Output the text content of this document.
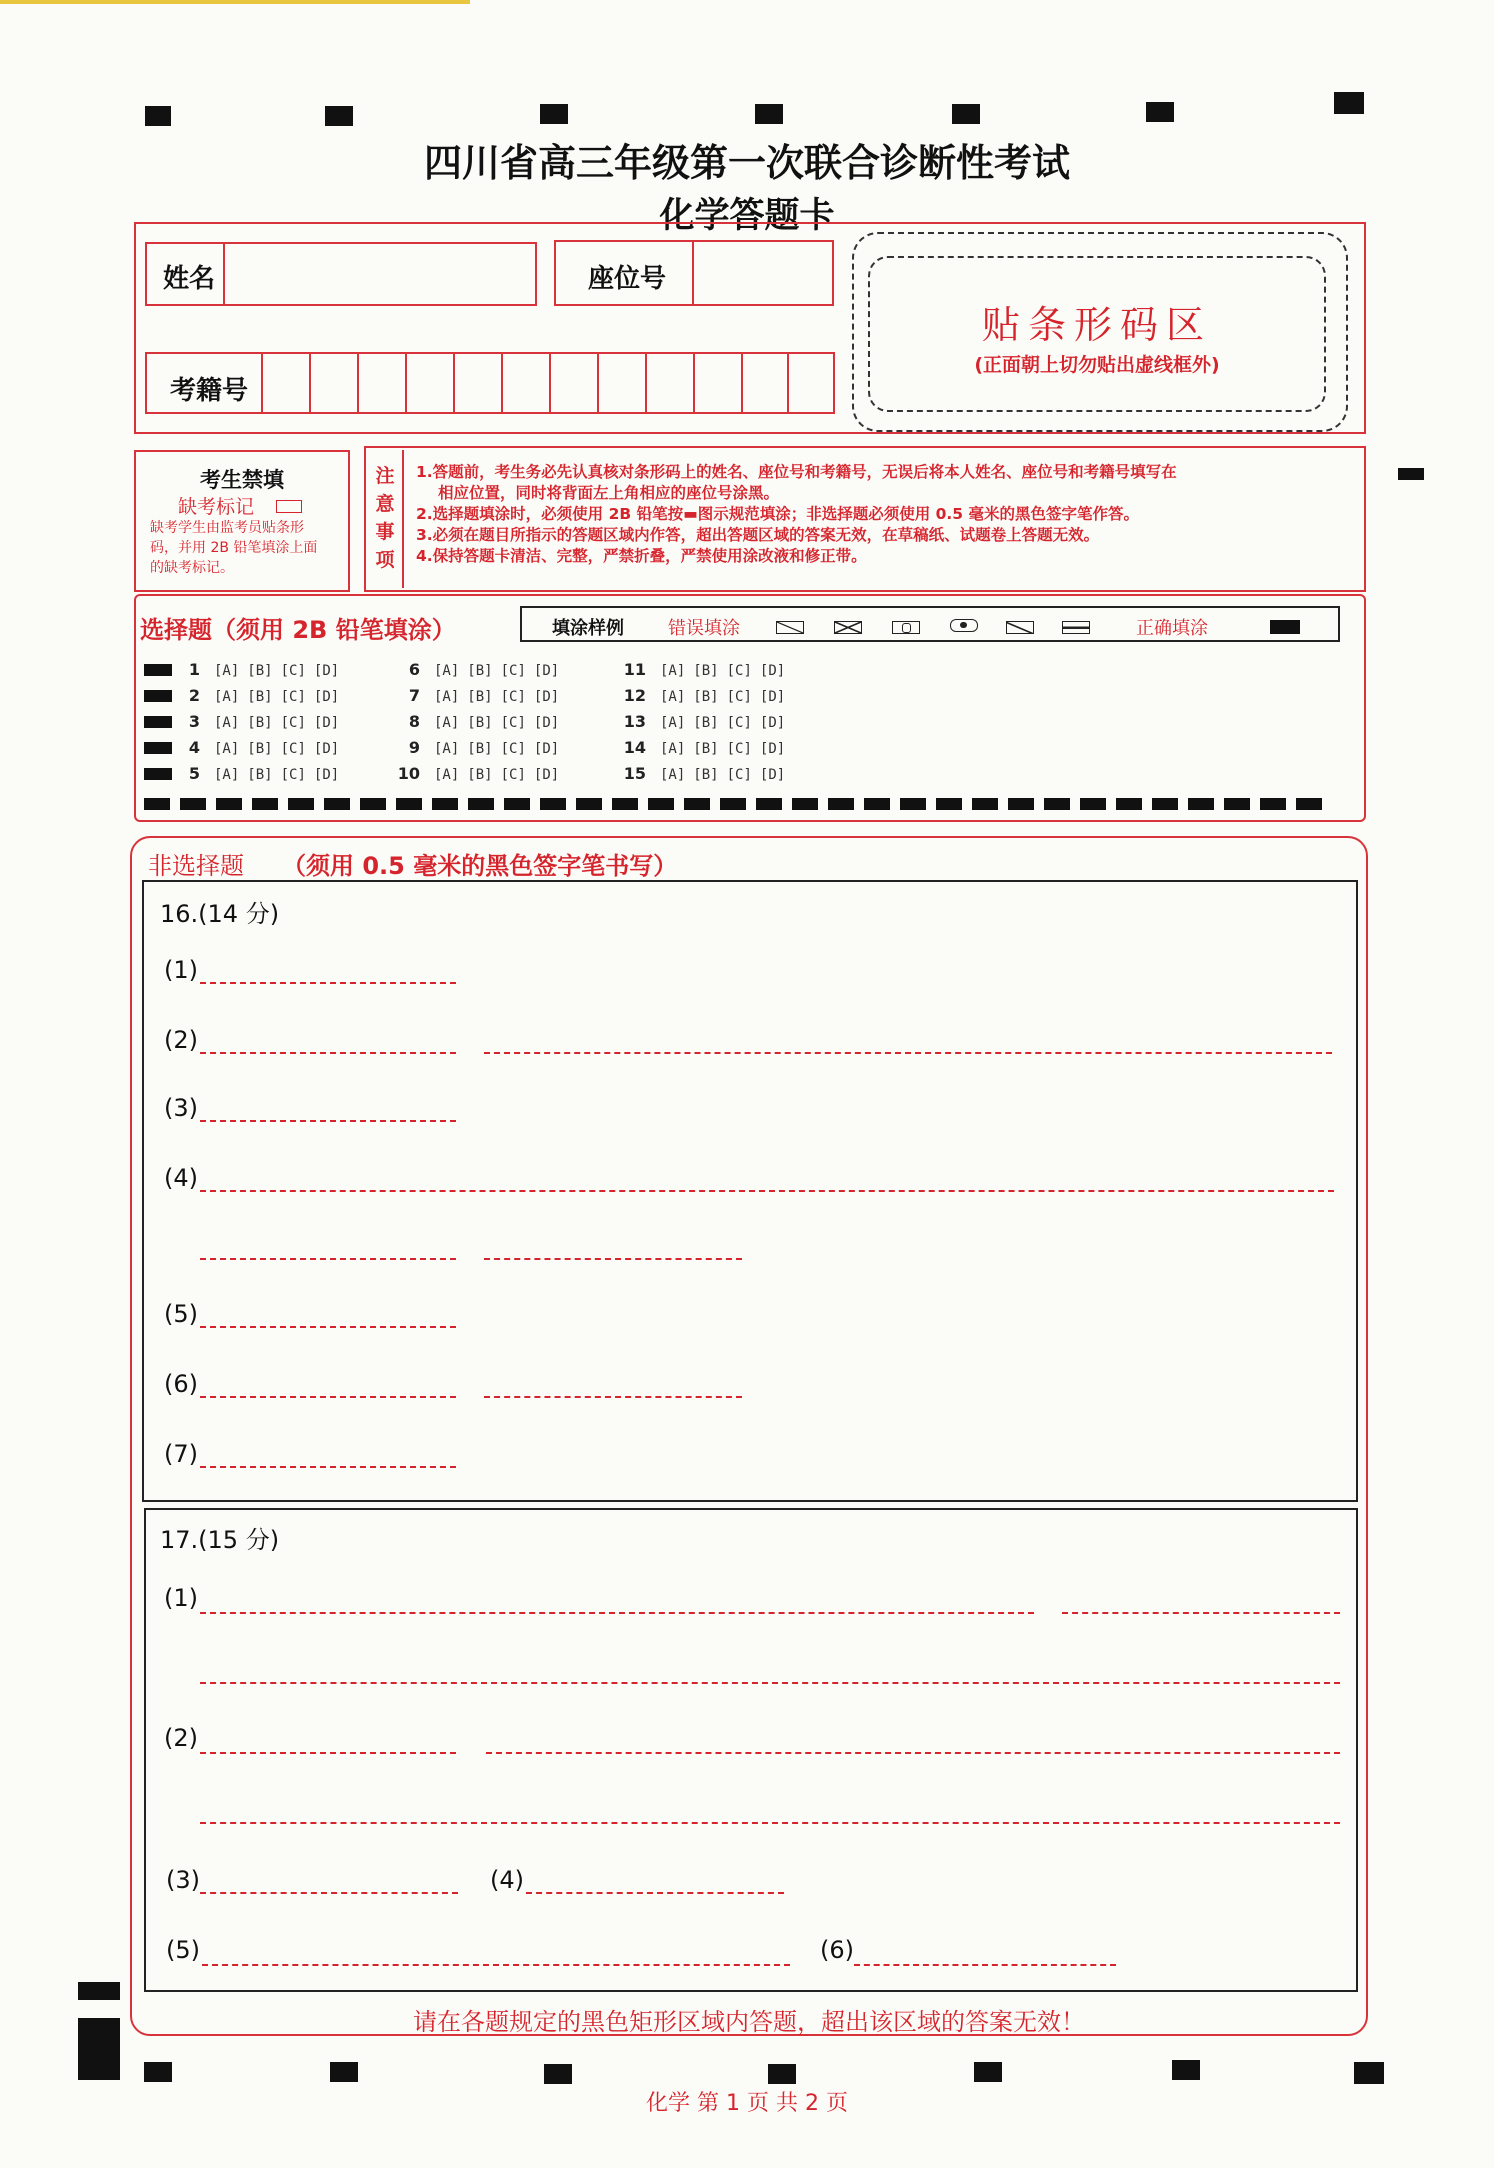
四川省高三年级第一次联合诊断性考试
化学答题卡
姓名	座位号
考籍号
贴条形码区
(正面朝上切勿贴出虚线框外)
考生禁填
缺考标记
缺考学生由监考员贴条形
码，并用 2B 铅笔填涂上面
的缺考标记。
注
意
事
项
1.答题前，考生务必先认真核对条形码上的姓名、座位号和考籍号，无误后将本人姓名、座位号和考籍号填写在
相应位置，同时将背面左上角相应的座位号涂黑。
2.选择题填涂时，必须使用 2B 铅笔按▬图示规范填涂；非选择题必须使用 0.5 毫米的黑色签字笔作答。
3.必须在题目所指示的答题区域内作答，超出答题区域的答案无效，在草稿纸、试题卷上答题无效。
4.保持答题卡清洁、完整，严禁折叠，严禁使用涂改液和修正带。
选择题 （须用 2B 铅笔填涂）	填涂样例 错误填涂	正确填涂
1 [A] [B] [C] [D]
2 [A] [B] [C] [D]
3 [A] [B] [C] [D]
4 [A] [B] [C] [D]
5 [A] [B] [C] [D]
6 [A] [B] [C] [D]
7 [A] [B] [C] [D]
8 [A] [B] [C] [D]
9 [A] [B] [C] [D]
10 [A] [B] [C] [D]
11 [A] [B] [C] [D]
12 [A] [B] [C] [D]
13 [A] [B] [C] [D]
14 [A] [B] [C] [D]
15 [A] [B] [C] [D]
非选择题 （须用 0.5 毫米的黑色签字笔书写）
16.(14 分)
(1)
(2)
(3)
(4)
(5)
(6)
(7)
17.(15 分)
(1)
(2)
(3)	(4)
(5)	(6)
请在各题规定的黑色矩形区域内答题，超出该区域的答案无效！
化学 第 1 页 共 2 页
